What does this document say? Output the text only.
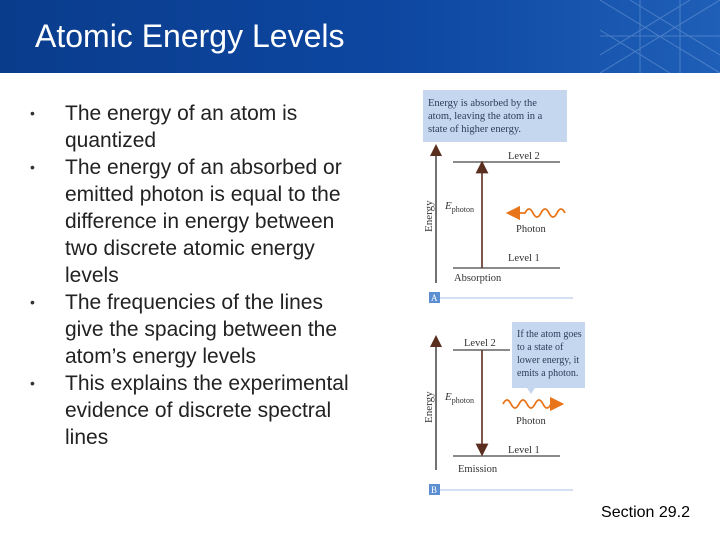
Atomic Energy Levels
• The energy of an atom is quantized
• The energy of an absorbed or emitted photon is equal to the difference in energy between two discrete atomic energy levels
• The frequencies of the lines give the spacing between the atom’s energy levels
• This explains the experimental evidence of discrete spectral lines
Energy is absorbed by the
atom, leaving the atom in a
state of higher energy.
Energy
Level 2
Level 1
$E_{photon}$
Photon
Absorption
A
If the atom goes
to a state of
lower energy, it
emits a photon.
Energy
Level 2
Level 1
$E_{photon}$
Photon
Emission
B
Section 29.2
